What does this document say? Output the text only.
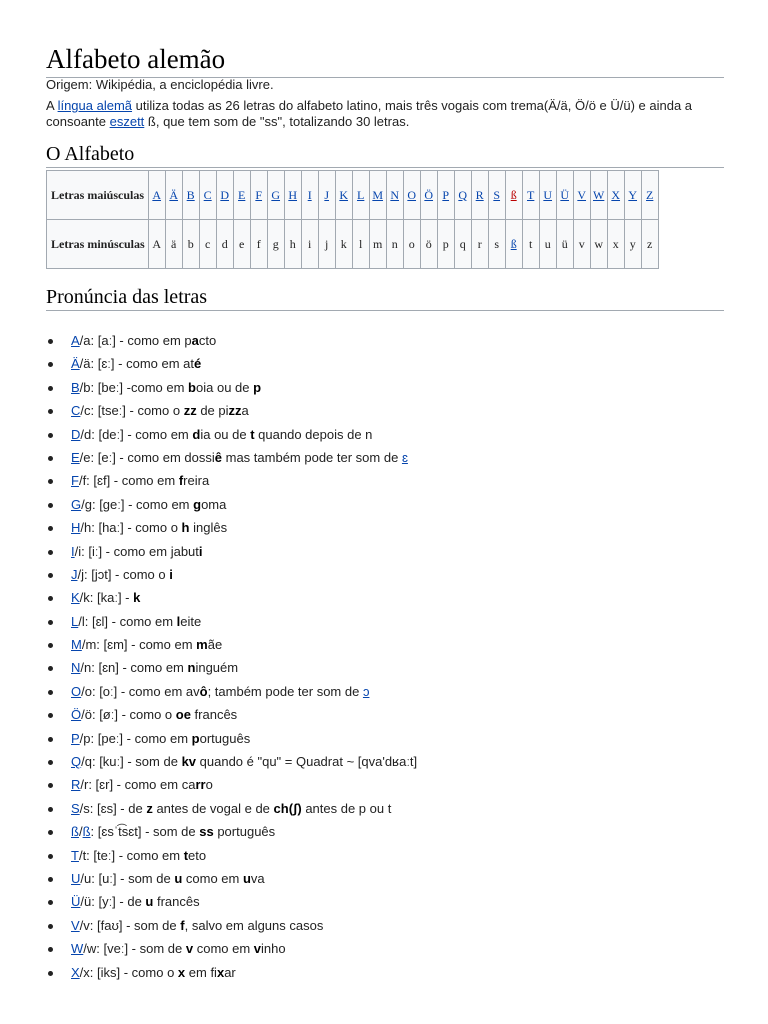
Alfabeto alemão
Origem: Wikipédia, a enciclopédia livre.

A língua alemã utiliza todas as 26 letras do alfabeto latino, mais três vogais com trema(Ä/ä, Ö/ö e Ü/ü) e ainda a consoante eszett ß, que tem som de "ss", totalizando 30 letras.

O Alfabeto
Letras maiúsculas	A	Ä	B	C	D	E	F	G	H	I	J	K	L	M	N	O	Ö	P	Q	R	S	ß	T	U	Ü	V	W	X	Y	Z
Letras minúsculas	A	ä	b	c	d	e	f	g	h	i	j	k	l	m	n	o	ö	p	q	r	s	ß	t	u	ü	v	w	x	y	z
Pronúncia das letras
A/a: [aː] - como em pacto
Ä/ä: [ɛː] - como em até
B/b: [beː] -como em boia ou de p
C/c: [tseː] - como o zz de pizza
D/d: [deː] - como em dia ou de t quando depois de n
E/e: [eː] - como em dossiê mas também pode ter som de ɛ
F/f: [ɛf] - como em freira
G/g: [geː] - como em goma
H/h: [haː] - como o h inglês
I/i: [iː] - como em jabuti
J/j: [jɔt] - como o i
K/k: [kaː] - k
L/l: [ɛl] - como em leite
M/m: [ɛm] - como em mãe
N/n: [ɛn] - como em ninguém
O/o: [oː] - como em avô; também pode ter som de ɔ
Ö/ö: [øː] - como o oe francês
P/p: [peː] - como em português
Q/q: [kuː] - som de kv quando é "qu" = Quadrat ~ [qva'dʁaːt]
R/r: [ɛr] - como em carro
S/s: [ɛs] - de z antes de vogal e de ch(ʃ) antes de p ou t
ß/ß: [ɛsˈt͡sɛt] - som de ss português
T/t: [teː] - como em teto
U/u: [uː] - som de u como em uva
Ü/ü: [yː] - de u francês
V/v: [faʊ] - som de f, salvo em alguns casos
W/w: [veː] - som de v como em vinho
X/x: [iks] - como o x em fixar
